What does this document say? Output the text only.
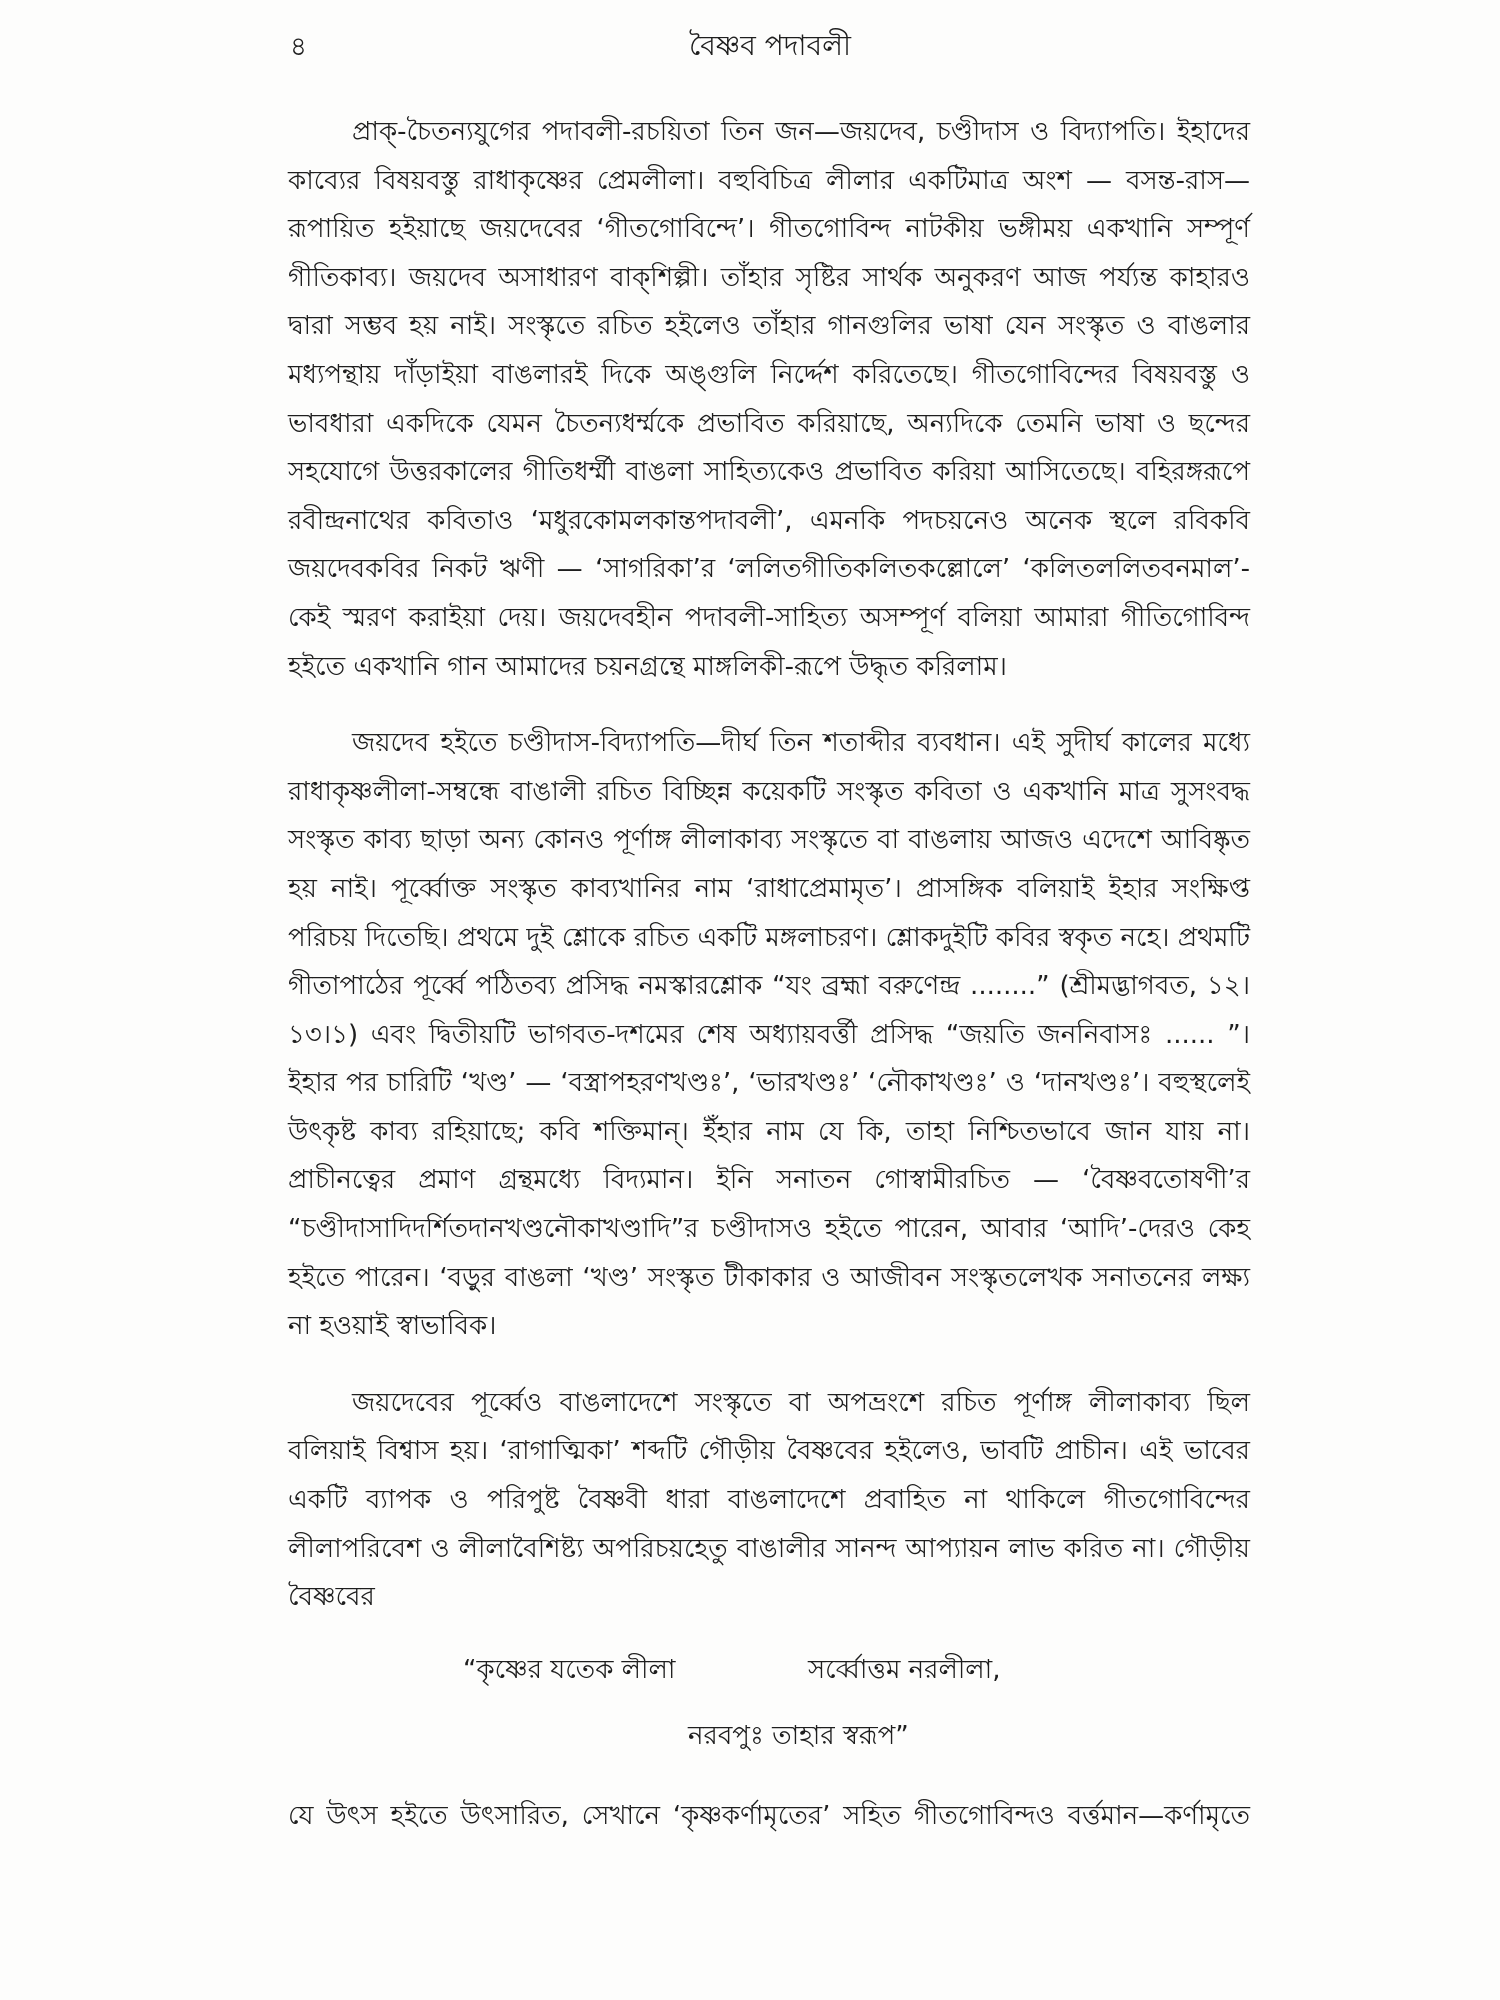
৪	বৈষ্ণব পদাবলী

প্রাক্‌-চৈতন্যযুগের পদাবলী-রচয়িতা তিন জন—জয়দেব, চণ্ডীদাস ও বিদ্যাপতি। ইহাদের কাব্যের বিষয়বস্তু রাধাকৃষ্ণের প্রেমলীলা। বহুবিচিত্র লীলার একটিমাত্র অংশ — বসন্ত-রাস—রূপায়িত হইয়াছে জয়দেবের ‘গীতগোবিন্দে’। গীতগোবিন্দ নাটকীয় ভঙ্গীময় একখানি সম্পূর্ণ গীতিকাব্য। জয়দেব অসাধারণ বাক্‌শিল্পী। তাঁহার সৃষ্টির সার্থক অনুকরণ আজ পর্য্যন্ত কাহারও দ্বারা সম্ভব হয় নাই। সংস্কৃতে রচিত হইলেও তাঁহার গানগুলির ভাষা যেন সংস্কৃত ও বাঙলার মধ্যপন্থায় দাঁড়াইয়া বাঙলারই দিকে অঙ্গুলি নির্দ্দেশ করিতেছে। গীতগোবিন্দের বিষয়বস্তু ও ভাবধারা একদিকে যেমন চৈতন্যধর্ম্মকে প্রভাবিত করিয়াছে, অন্যদিকে তেমনি ভাষা ও ছন্দের সহযোগে উত্তরকালের গীতিধর্ম্মী বাঙলা সাহিত্যকেও প্রভাবিত করিয়া আসিতেছে। বহিরঙ্গরূপে রবীন্দ্রনাথের কবিতাও ‘মধুরকোমলকান্তপদাবলী’, এমনকি পদচয়নেও অনেক স্থলে রবিকবি জয়দেবকবির নিকট ঋণী — ‘সাগরিকা’র ‘ললিতগীতিকলিতকল্লোলে’ ‘কলিতললিতবনমাল’-কেই স্মরণ করাইয়া দেয়। জয়দেবহীন পদাবলী-সাহিত্য অসম্পূর্ণ বলিয়া আমারা গীতিগোবিন্দ হইতে একখানি গান আমাদের চয়নগ্রন্থে মাঙ্গলিকী-রূপে উদ্ধৃত করিলাম।

জয়দেব হইতে চণ্ডীদাস-বিদ্যাপতি—দীর্ঘ তিন শতাব্দীর ব্যবধান। এই সুদীর্ঘ কালের মধ্যে রাধাকৃষ্ণলীলা-সম্বন্ধে বাঙালী রচিত বিচ্ছিন্ন কয়েকটি সংস্কৃত কবিতা ও একখানি মাত্র সুসংবদ্ধ সংস্কৃত কাব্য ছাড়া অন্য কোনও পূর্ণাঙ্গ লীলাকাব্য সংস্কৃতে বা বাঙলায় আজও এদেশে আবিষ্কৃত হয় নাই। পূর্ব্বোক্ত সংস্কৃত কাব্যখানির নাম ‘রাধাপ্রেমামৃত’। প্রাসঙ্গিক বলিয়াই ইহার সংক্ষিপ্ত পরিচয় দিতেছি। প্রথমে দুই শ্লোকে রচিত একটি মঙ্গলাচরণ। শ্লোকদুইটি কবির স্বকৃত নহে। প্রথমটি গীতাপাঠের পূর্ব্বে পঠিতব্য প্রসিদ্ধ নমস্কারশ্লোক “যং ব্রহ্মা বরুণেন্দ্র ........” (শ্রীমদ্ভাগবত, ১২।১৩।১) এবং দ্বিতীয়টি ভাগবত-দশমের শেষ অধ্যায়বর্ত্তী প্রসিদ্ধ “জয়তি জননিবাসঃ ...... ”। ইহার পর চারিটি ‘খণ্ড’ — ‘বস্ত্রাপহরণখণ্ডঃ’, ‘ভারখণ্ডঃ’ ‘নৌকাখণ্ডঃ’ ও ‘দানখণ্ডঃ’। বহুস্থলেই উৎকৃষ্ট কাব্য রহিয়াছে; কবি শক্তিমান্‌। ইঁহার নাম যে কি, তাহা নিশ্চিতভাবে জান যায় না। প্রাচীনত্বের প্রমাণ গ্রন্থমধ্যে বিদ্যমান। ইনি সনাতন গোস্বামীরচিত — ‘বৈষ্ণবতোষণী’র “চণ্ডীদাসাদিদর্শিতদানখণ্ডনৌকাখণ্ডাদি”র চণ্ডীদাসও হইতে পারেন, আবার ‘আদি’-দেরও কেহ হইতে পারেন। ‘বড়ুর বাঙলা ‘খণ্ড’ সংস্কৃত টীকাকার ও আজীবন সংস্কৃতলেখক সনাতনের লক্ষ্য না হওয়াই স্বাভাবিক।

জয়দেবের পূর্ব্বেও বাঙলাদেশে সংস্কৃতে বা অপভ্রংশে রচিত পূর্ণাঙ্গ লীলাকাব্য ছিল বলিয়াই বিশ্বাস হয়। ‘রাগাত্মিকা’ শব্দটি গৌড়ীয় বৈষ্ণবের হইলেও, ভাবটি প্রাচীন। এই ভাবের একটি ব্যাপক ও পরিপুষ্ট বৈষ্ণবী ধারা বাঙলাদেশে প্রবাহিত না থাকিলে গীতগোবিন্দের লীলাপরিবেশ ও লীলাবৈশিষ্ট্য অপরিচয়হেতু বাঙালীর সানন্দ আপ্যায়ন লাভ করিত না। গৌড়ীয় বৈষ্ণবের

“কৃষ্ণের যতেক লীলা	সর্ব্বোত্তম নরলীলা,
নরবপুঃ তাহার স্বরূপ”

যে উৎস হইতে উৎসারিত, সেখানে ‘কৃষ্ণকর্ণামৃতের’ সহিত গীতগোবিন্দও বর্ত্তমান—কর্ণামৃতে
